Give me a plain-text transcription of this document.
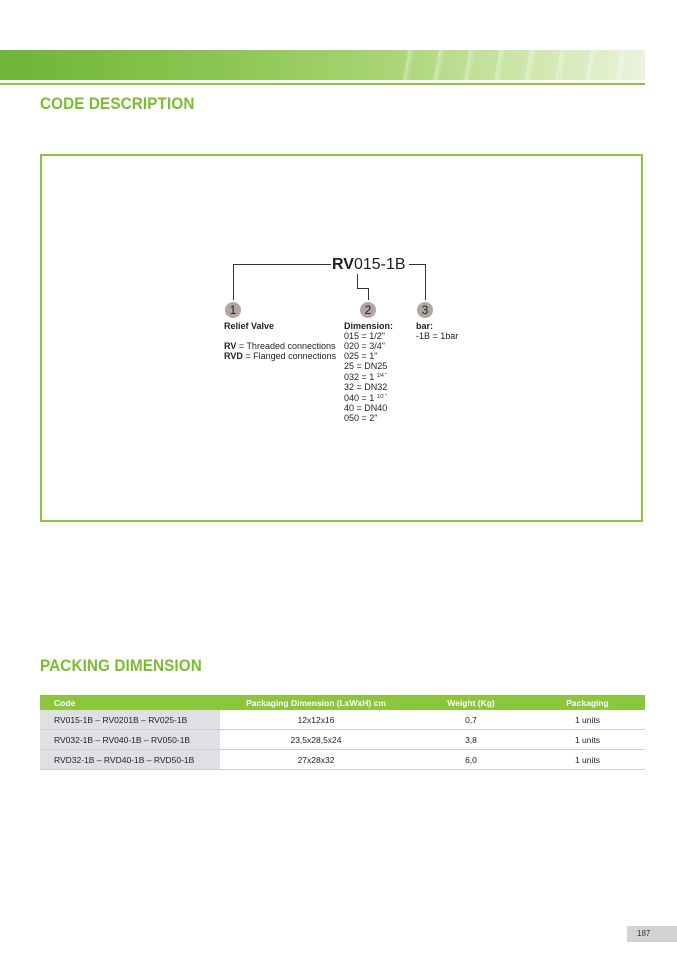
CODE DESCRIPTION
RV015-1B
1	2	3
Relief Valve

RV = Threaded connections
RVD = Flanged connections
Dimension:
015 = 1/2"
020 = 3/4"
025 = 1"
25 = DN25
032 = 1 $^{1/4 "}$
32 = DN32
040 = 1 $^{1/2 "}$
40 = DN40
050 = 2"
bar:
-1B = 1bar
PACKING DIMENSION
Code	Packaging Dimension (LxWxH) cm	Weight (Kg)	Packaging
RV015-1B – RV0201B – RV025-1B	12x12x16	0,7	1 units
RV032-1B – RV040-1B – RV050-1B	23,5x28,5x24	3,8	1 units
RVD32-1B – RVD40-1B – RVD50-1B	27x28x32	6,0	1 units
187
